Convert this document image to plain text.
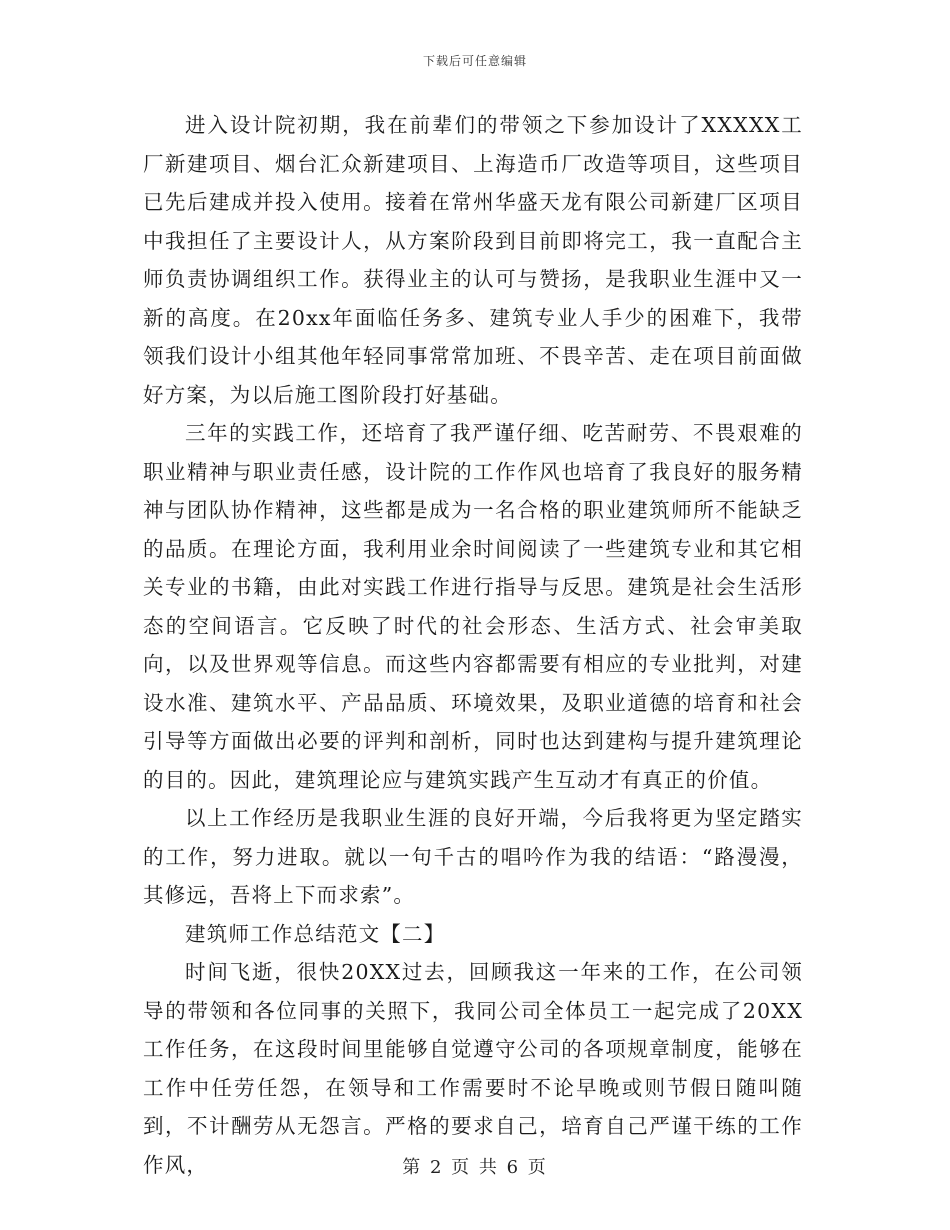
下载后可任意编辑

进入设计院初期，我在前辈们的带领之下参加设计了XXXXX工厂新建项目、烟台汇众新建项目、上海造币厂改造等项目，这些项目已先后建成并投入使用。接着在常州华盛天龙有限公司新建厂区项目中我担任了主要设计人，从方案阶段到目前即将完工，我一直配合主师负责协调组织工作。获得业主的认可与赞扬，是我职业生涯中又一新的高度。在20xx年面临任务多、建筑专业人手少的困难下，我带领我们设计小组其他年轻同事常常加班、不畏辛苦、走在项目前面做好方案，为以后施工图阶段打好基础。

三年的实践工作，还培育了我严谨仔细、吃苦耐劳、不畏艰难的职业精神与职业责任感，设计院的工作作风也培育了我良好的服务精神与团队协作精神，这些都是成为一名合格的职业建筑师所不能缺乏的品质。在理论方面，我利用业余时间阅读了一些建筑专业和其它相关专业的书籍，由此对实践工作进行指导与反思。建筑是社会生活形态的空间语言。它反映了时代的社会形态、生活方式、社会审美取向，以及世界观等信息。而这些内容都需要有相应的专业批判，对建设水准、建筑水平、产品品质、环境效果，及职业道德的培育和社会引导等方面做出必要的评判和剖析，同时也达到建构与提升建筑理论的目的。因此，建筑理论应与建筑实践产生互动才有真正的价值。

以上工作经历是我职业生涯的良好开端，今后我将更为坚定踏实的工作，努力进取。就以一句千古的唱吟作为我的结语：“路漫漫，其修远，吾将上下而求索”。

建筑师工作总结范文【二】

时间飞逝，很快20XX过去，回顾我这一年来的工作，在公司领导的带领和各位同事的关照下，我同公司全体员工一起完成了20XX工作任务，在这段时间里能够自觉遵守公司的各项规章制度，能够在工作中任劳任怨，在领导和工作需要时不论早晚或则节假日随叫随到，不计酬劳从无怨言。严格的要求自己，培育自己严谨干练的工作作风，	第 2 页 共 6 页
